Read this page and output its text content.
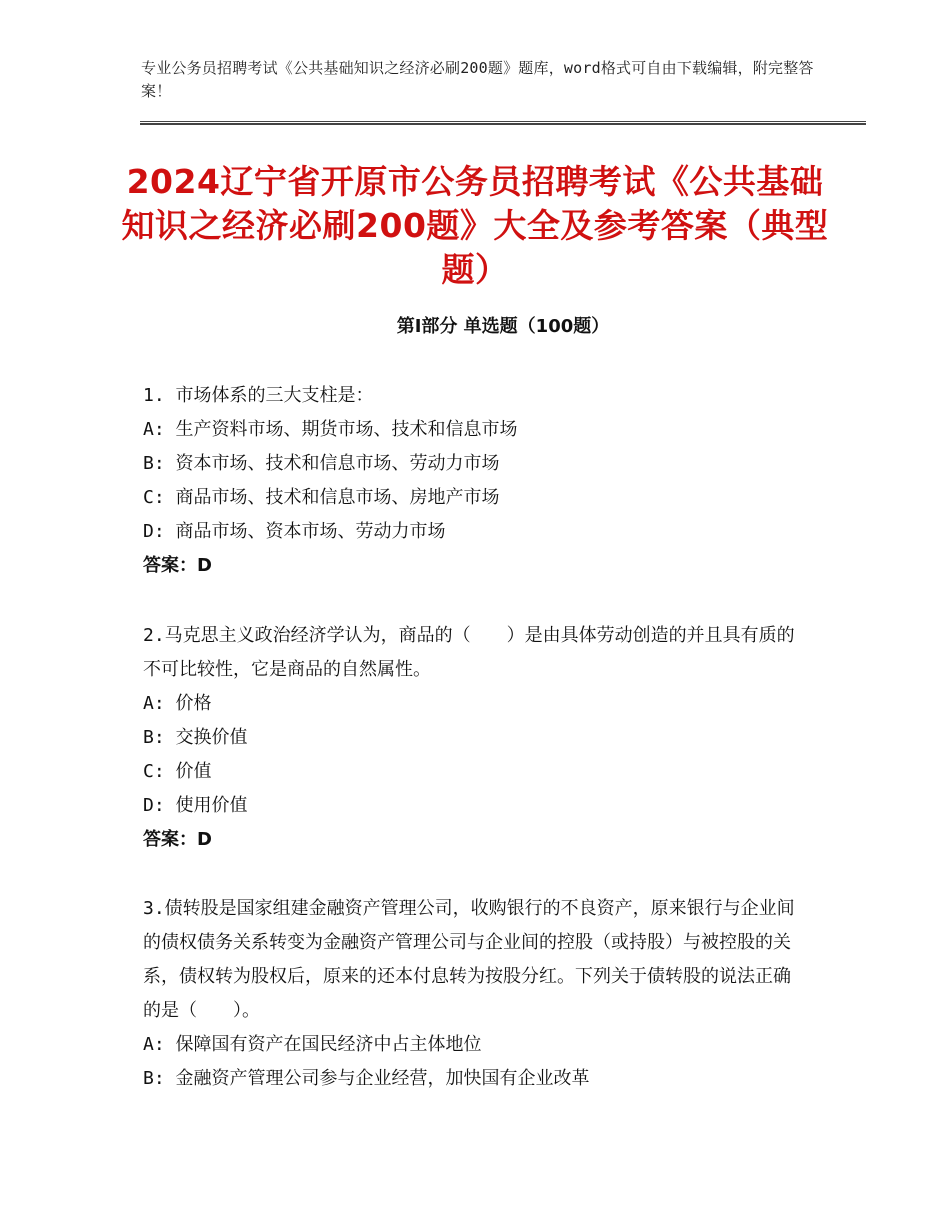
专业公务员招聘考试《公共基础知识之经济必刷200题》题库，word格式可自由下载编辑，附完整答案！
2024辽宁省开原市公务员招聘考试《公共基础知识之经济必刷200题》大全及参考答案（典型题）
第Ⅰ部分 单选题（100题）
1. 市场体系的三大支柱是：
A: 生产资料市场、期货市场、技术和信息市场
B: 资本市场、技术和信息市场、劳动力市场
C: 商品市场、技术和信息市场、房地产市场
D: 商品市场、资本市场、劳动力市场
答案：D
2.马克思主义政治经济学认为，商品的（　　）是由具体劳动创造的并且具有质的不可比较性，它是商品的自然属性。
A: 价格
B: 交换价值
C: 价值
D: 使用价值
答案：D
3.债转股是国家组建金融资产管理公司，收购银行的不良资产，原来银行与企业间的债权债务关系转变为金融资产管理公司与企业间的控股（或持股）与被控股的关系，债权转为股权后，原来的还本付息转为按股分红。下列关于债转股的说法正确的是（　　）。
A: 保障国有资产在国民经济中占主体地位
B: 金融资产管理公司参与企业经营，加快国有企业改革
